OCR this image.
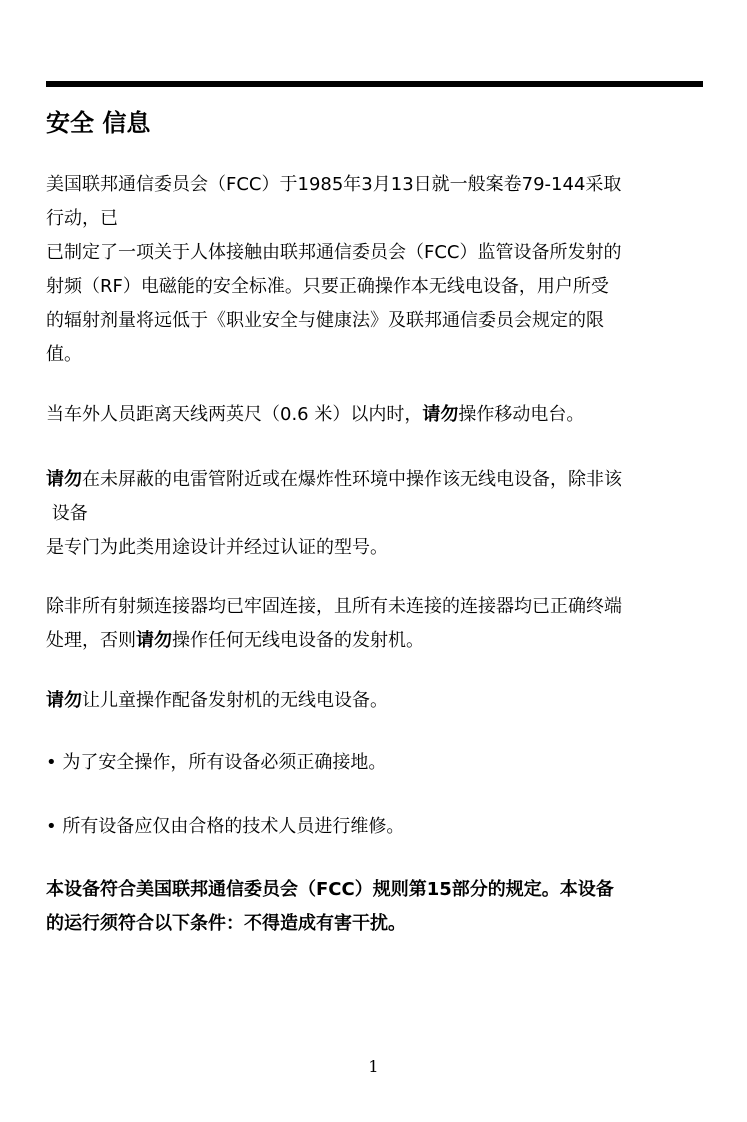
安全 信息

美国联邦通信委员会（FCC）于1985年3月13日就一般案卷79-144采取
行动，已
已制定了一项关于人体接触由联邦通信委员会（FCC）监管设备所发射的
射频（RF）电磁能的安全标准。只要正确操作本无线电设备，用户所受
的辐射剂量将远低于《职业安全与健康法》及联邦通信委员会规定的限
值。

当车外人员距离天线两英尺（0.6 米）以内时，请勿操作移动电台。

请勿在未屏蔽的电雷管附近或在爆炸性环境中操作该无线电设备，除非该
设备
是专门为此类用途设计并经过认证的型号。

除非所有射频连接器均已牢固连接，且所有未连接的连接器均已正确终端
处理，否则请勿操作任何无线电设备的发射机。

请勿让儿童操作配备发射机的无线电设备。

• 为了安全操作，所有设备必须正确接地。

• 所有设备应仅由合格的技术人员进行维修。

本设备符合美国联邦通信委员会（FCC）规则第15部分的规定。本设备
的运行须符合以下条件：不得造成有害干扰。

1
